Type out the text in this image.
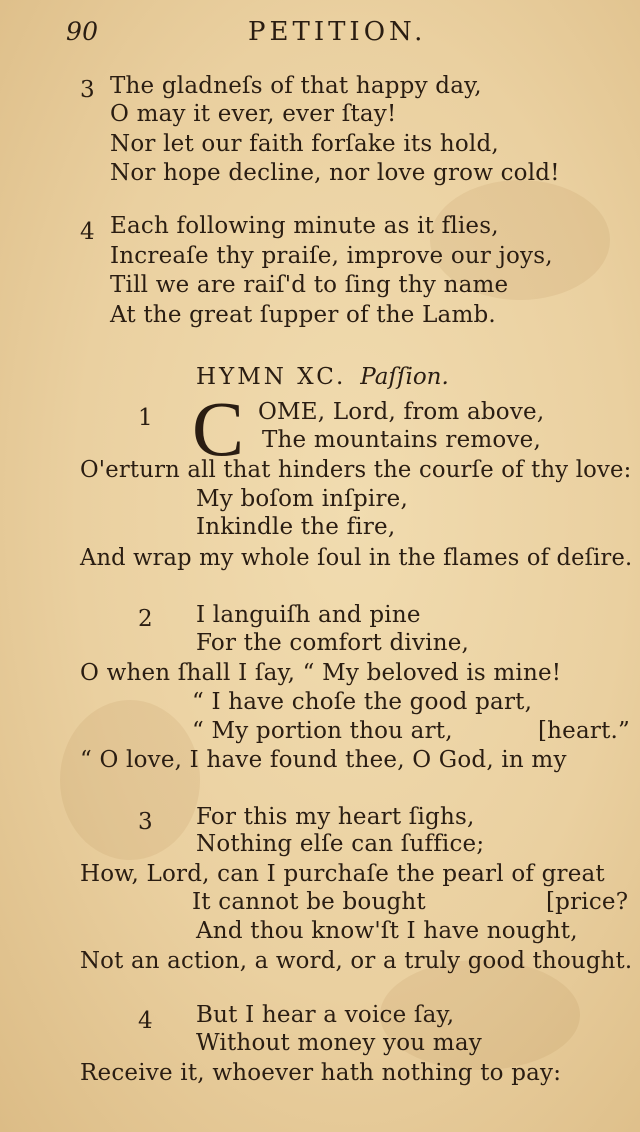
90	PETITION.
3 The gladneſs of that happy day,
O may it ever, ever ſtay!
Nor let our faith forſake its hold,
Nor hope decline, nor love grow cold!
4 Each following minute as it flies,
Increaſe thy praiſe, improve our joys,
Till we are raiſ'd to ſing thy name
At the great ſupper of the Lamb.
HYMN XC. Paſſion.
1 C OME, Lord, from above,
The mountains remove,
O'erturn all that hinders the courſe of thy love:
My boſom inſpire,
Inkindle the fire,
And wrap my whole ſoul in the flames of deſire.
2 I languiſh and pine
For the comfort divine,
O when ſhall I ſay, “ My beloved is mine!
“ I have choſe the good part,
“ My portion thou art,	[heart.”
“ O love, I have found thee, O God, in my
3 For this my heart ſighs,
Nothing elſe can ſuffice;
How, Lord, can I purchaſe the pearl of great
It cannot be bought	[price?
And thou know'ſt I have nought,
Not an action, a word, or a truly good thought.
4 But I hear a voice ſay,
Without money you may
Receive it, whoever hath nothing to pay:
